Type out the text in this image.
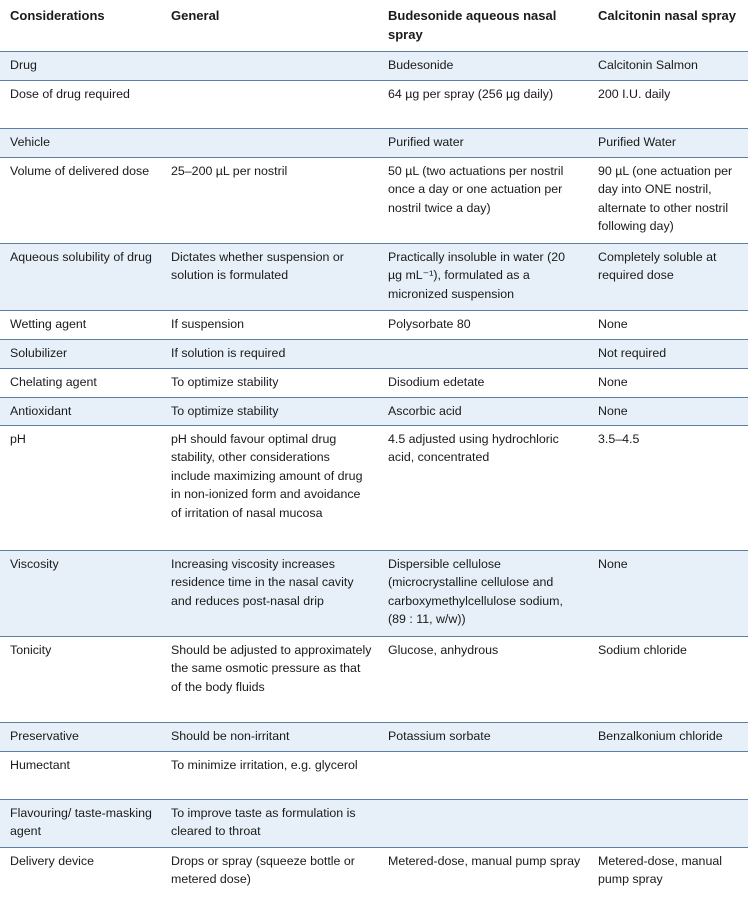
Considerations	General	Budesonide aqueous nasal spray	Calcitonin nasal spray
Drug		Budesonide	Calcitonin Salmon
Dose of drug required		64 µg per spray (256 µg daily)	200 I.U. daily
Vehicle		Purified water	Purified Water
Volume of delivered dose	25–200 µL per nostril	50 µL (two actuations per nostril once a day or one actuation per nostril twice a day)	90 µL (one actuation per day into ONE nostril, alternate to other nostril following day)
Aqueous solubility of drug	Dictates whether suspension or solution is formulated	Practically insoluble in water (20 µg mL⁻¹), formulated as a micronized suspension	Completely soluble at required dose
Wetting agent	If suspension	Polysorbate 80	None
Solubilizer	If solution is required		Not required
Chelating agent	To optimize stability	Disodium edetate	None
Antioxidant	To optimize stability	Ascorbic acid	None
pH	pH should favour optimal drug stability, other considerations include maximizing amount of drug in non-ionized form and avoidance of irritation of nasal mucosa	4.5 adjusted using hydrochloric acid, concentrated	3.5–4.5
Viscosity	Increasing viscosity increases residence time in the nasal cavity and reduces post-nasal drip	Dispersible cellulose (microcrystalline cellulose and carboxymethylcellulose sodium, (89 : 11, w/w))	None
Tonicity	Should be adjusted to approximately the same osmotic pressure as that of the body fluids	Glucose, anhydrous	Sodium chloride
Preservative	Should be non-irritant	Potassium sorbate	Benzalkonium chloride
Humectant	To minimize irritation, e.g. glycerol		
Flavouring/ taste-masking agent	To improve taste as formulation is cleared to throat		
Delivery device	Drops or spray (squeeze bottle or metered dose)	Metered-dose, manual pump spray	Metered-dose, manual pump spray
